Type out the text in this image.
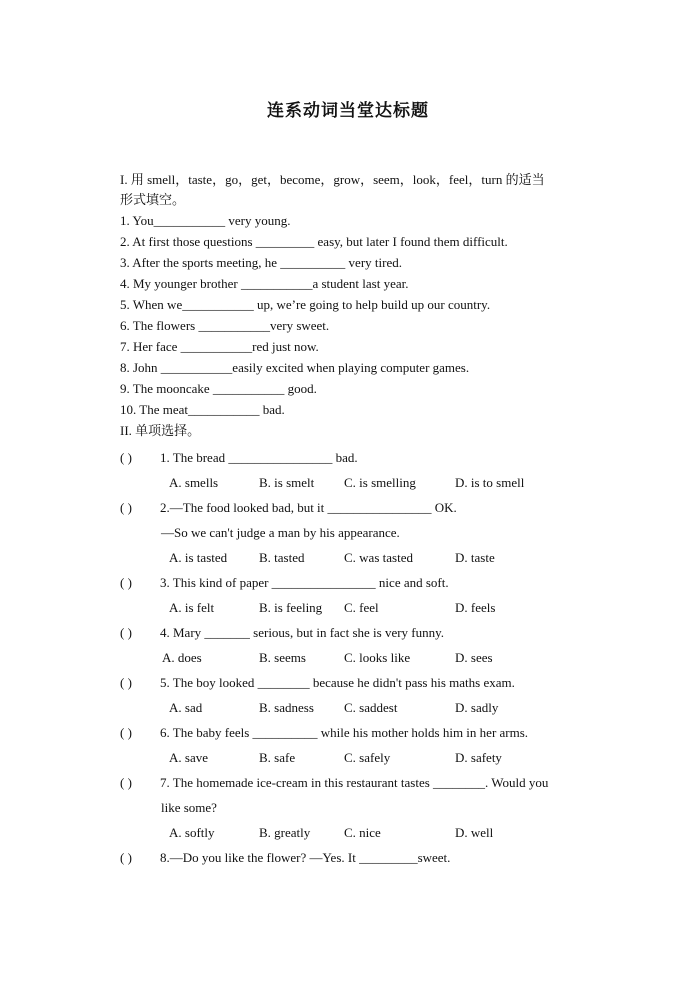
连系动词当堂达标题
I. 用 smell，taste，go，get，become，grow，seem，look，feel，turn 的适当
形式填空。
1. You___________ very young.
2. At first those questions _________ easy, but later I found them difficult.
3. After the sports meeting, he __________ very tired.
4. My younger brother ___________a student last year.
5. When we___________ up, we’re going to help build up our country.
6. The flowers ___________very sweet.
7. Her face ___________red just now.
8. John ___________easily excited when playing computer games.
9. The mooncake ___________ good.
10. The meat___________ bad.
II. 单项选择。
( ) 1. The bread ________________ bad.
A. smells	B. is smelt C. is smelling	D. is to smell
( ) 2.—The food looked bad, but it ________________ OK.
—So we can't judge a man by his appearance.
A. is tasted B. tasted	C. was tasted	D. taste
( ) 3. This kind of paper ________________ nice and soft.
A. is felt	B. is feeling C. feel	D. feels
( ) 4. Mary _______ serious, but in fact she is very funny.
A. does	B. seems	C. looks like	D. sees
( ) 5. The boy looked ________ because he didn't pass his maths exam.
A. sad	B. sadness C. saddest	D. sadly
( ) 6. The baby feels __________ while his mother holds him in her arms.
A. save	B. safe	C. safely	D. safety
( ) 7. The homemade ice-cream in this restaurant tastes ________. Would you
like some?
A. softly	B. greatly	C. nice	D. well
( ) 8.—Do you like the flower? —Yes. It _________sweet.
